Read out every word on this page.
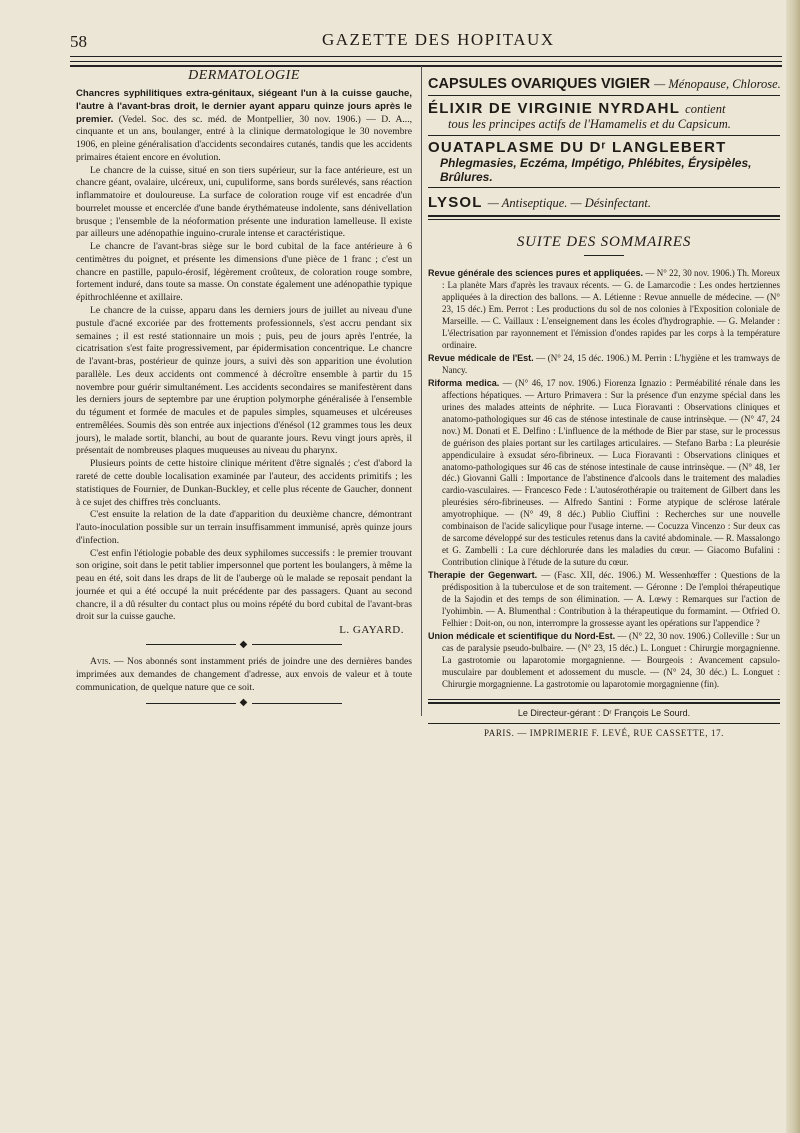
58	GAZETTE DES HOPITAUX
DERMATOLOGIE

Chancres syphilitiques extra-génitaux, siégeant l'un à la cuisse gauche, l'autre à l'avant-bras droit, le dernier ayant apparu quinze jours après le premier. (Vedel. Soc. des sc. méd. de Montpellier, 30 nov. 1906.) — D. A..., cinquante et un ans, boulanger, entré à la clinique dermatologique le 30 novembre 1906, en pleine généralisation d'accidents secondaires cutanés, tandis que les accidents primaires étaient encore en évolution.

Le chancre de la cuisse, situé en son tiers supérieur, sur la face antérieure, est un chancre géant, ovalaire, ulcéreux, uni, cupuliforme, sans bords surélevés, sans réaction inflammatoire et douloureuse. La surface de coloration rouge vif est encadrée d'un bourrelet mousse et encerclée d'une bande érythémateuse indolente, sans dénivellation brusque ; l'ensemble de la néoformation présente une induration lamelleuse. Il existe par ailleurs une adénopathie inguino-crurale intense et caractéristique.

Le chancre de l'avant-bras siège sur le bord cubital de la face antérieure à 6 centimètres du poignet, et présente les dimensions d'une pièce de 1 franc ; c'est un chancre en pastille, papulo-érosif, légèrement croûteux, de coloration rouge sombre, fortement induré, dans toute sa masse. On constate également une adénopathie typique épithrochléenne et axillaire.

Le chancre de la cuisse, apparu dans les derniers jours de juillet au niveau d'une pustule d'acné excoriée par des frottements professionnels, s'est accru pendant six semaines ; il est resté stationnaire un mois ; puis, peu de jours après l'entrée, la cicatrisation s'est faite progressivement, par épidermisation concentrique. Le chancre de l'avant-bras, postérieur de quinze jours, a suivi dès son apparition une évolution parallèle. Les deux accidents ont commencé à décroître ensemble à partir du 15 novembre pour guérir simultanément. Les accidents secondaires se manifestèrent dans les derniers jours de septembre par une éruption polymorphe généralisée à l'ensemble du tégument et formée de macules et de papules simples, squameuses et ulcéreuses entremêlées. Soumis dès son entrée aux injections d'énésol (12 grammes tous les deux jours), le malade sortit, blanchi, au bout de quarante jours. Revu vingt jours après, il présentait de nombreuses plaques muqueuses au niveau du pharynx.

Plusieurs points de cette histoire clinique méritent d'être signalés ; c'est d'abord la rareté de cette double localisation examinée par l'auteur, des accidents primitifs ; les statistiques de Fournier, de Dunkan-Buckley, et celle plus récente de Gaucher, donnent à ce sujet des chiffres très concluants.

C'est ensuite la relation de la date d'apparition du deuxième chancre, démontrant l'auto-inoculation possible sur un terrain insuffisamment immunisé, après quinze jours d'infection.

C'est enfin l'étiologie pobable des deux syphilomes successifs : le premier trouvant son origine, soit dans le petit tablier impersonnel que portent les boulangers, à même la peau en été, soit dans les draps de lit de l'auberge où le malade se reposait pendant la journée et qui a été occupé la nuit précédente par des passagers. Quant au second chancre, il a dû résulter du contact plus ou moins répété du bord cubital de l'avant-bras droit sur la cuisse gauche.

L. GAYARD.
◆

Avis. — Nos abonnés sont instamment priés de joindre une des dernières bandes imprimées aux demandes de changement d'adresse, aux envois de valeur et à toute communication, de quelque nature que ce soit.

◆
CAPSULES OVARIQUES VIGIER — Ménopause, Chlorose.
ÉLIXIR DE VIRGINIE NYRDAHL contient
tous les principes actifs de l'Hamamelis et du Capsicum.
OUATAPLASME DU Dʳ LANGLEBERT
Phlegmasies, Eczéma, Impétigo, Phlébites, Érysipèles, Brûlures.
LYSOL — Antiseptique. — Désinfectant.
SUITE DES SOMMAIRES

Revue générale des sciences pures et appliquées. — N° 22, 30 nov. 1906.) Th. Moreux : La planète Mars d'après les travaux récents. — G. de Lamarcodie : Les ondes hertziennes appliquées à la direction des ballons. — A. Létienne : Revue annuelle de médecine. — (N° 23, 15 déc.) Em. Perrot : Les productions du sol de nos colonies à l'Exposition coloniale de Marseille. — C. Vaillaux : L'enseignement dans les écoles d'hydrographie. — G. Melander : L'électrisation par rayonnement et l'émission d'ondes rapides par les corps à la température ordinaire.

Revue médicale de l'Est. — (N° 24, 15 déc. 1906.) M. Perrin : L'hygiène et les tramways de Nancy.

Riforma medica. — (N° 46, 17 nov. 1906.) Fiorenza Ignazio : Perméabilité rénale dans les affections hépatiques. — Arturo Primavera : Sur la présence d'un enzyme spécial dans les urines des malades atteints de néphrite. — Luca Fioravanti : Observations cliniques et anatomo-pathologiques sur 46 cas de sténose intestinale de cause intrinsèque. — (N° 47, 24 nov.) M. Donati et E. Delfino : L'influence de la méthode de Bier par stase, sur le processus de guérison des plaies portant sur les cartilages articulaires. — Stefano Barba : La pleurésie appendiculaire à exsudat séro-fibrineux. — Luca Fioravanti : Observations cliniques et anatomo-pathologiques sur 46 cas de sténose intestinale de cause intrinsèque. — (N° 48, 1er déc.) Giovanni Galli : Importance de l'abstinence d'alcools dans le traitement des maladies cardio-vasculaires. — Francesco Fede : L'autosérothérapie ou traitement de Gilbert dans les pleurésies séro-fibrineuses. — Alfredo Santini : Forme atypique de sclérose latérale amyotrophique. — (N° 49, 8 déc.) Publio Ciuffini : Recherches sur une nouvelle combinaison de l'acide salicylique pour l'usage interne. — Cocuzza Vincenzo : Sur deux cas de sarcome développé sur des testicules retenus dans la cavité abdominale. — R. Massalongo et G. Zambelli : La cure déchlorurée dans les maladies du cœur. — Giacomo Bufalini : Contribution clinique à l'étude de la suture du cœur.

Therapie der Gegenwart. — (Fasc. XII, déc. 1906.) M. Wessenhœffer : Questions de la prédisposition à la tuberculose et de son traitement. — Géronne : De l'emploi thérapeutique de la Sajodin et des temps de son élimination. — A. Lœwy : Remarques sur l'action de l'yohimbin. — A. Blumenthal : Contribution à la thérapeutique du formamint. — Otfried O. Felhier : Doit-on, ou non, interrompre la grossesse ayant les opérations sur l'appendice ?

Union médicale et scientifique du Nord-Est. — (N° 22, 30 nov. 1906.) Colleville : Sur un cas de paralysie pseudo-bulbaire. — (N° 23, 15 déc.) L. Longuet : Chirurgie morgagnienne. La gastrotomie ou laparotomie morgagnienne. — Bourgeois : Avancement capsulo-musculaire par doublement et adossement du muscle. — (N° 24, 30 déc.) L. Longuet : Chirurgie morgagnienne. La gastrotomie ou laparotomie morgagnienne (fin).

Le Directeur-gérant : Dʳ François Le Sourd.

PARIS. — IMPRIMERIE F. LEVÉ, RUE CASSETTE, 17.
